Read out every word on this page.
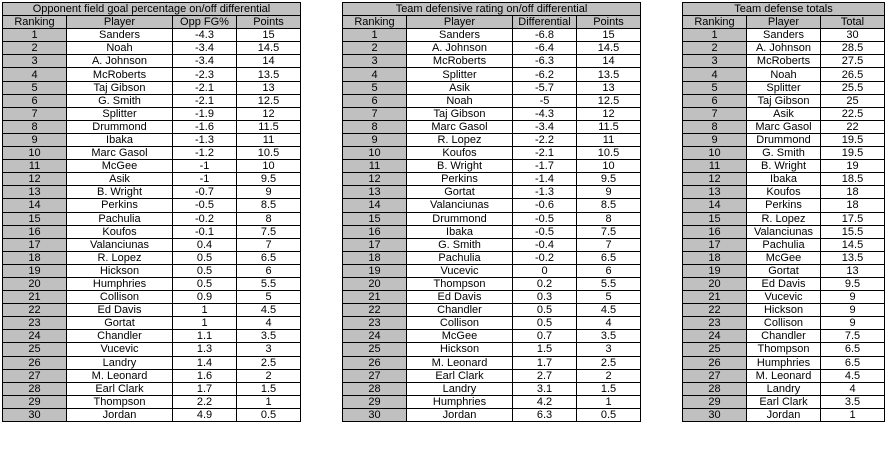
Opponent field goal percentage on/off differential			
Ranking	Player	Opp FG%	Points
1	Sanders	-4.3	15
2	Noah	-3.4	14.5
3	A. Johnson	-3.4	14
4	McRoberts	-2.3	13.5
5	Taj Gibson	-2.1	13
6	G. Smith	-2.1	12.5
7	Splitter	-1.9	12
8	Drummond	-1.6	11.5
9	Ibaka	-1.3	11
10	Marc Gasol	-1.2	10.5
11	McGee	-1	10
12	Asik	-1	9.5
13	B. Wright	-0.7	9
14	Perkins	-0.5	8.5
15	Pachulia	-0.2	8
16	Koufos	-0.1	7.5
17	Valanciunas	0.4	7
18	R. Lopez	0.5	6.5
19	Hickson	0.5	6
20	Humphries	0.5	5.5
21	Collison	0.9	5
22	Ed Davis	1	4.5
23	Gortat	1	4
24	Chandler	1.1	3.5
25	Vucevic	1.3	3
26	Landry	1.4	2.5
27	M. Leonard	1.6	2
28	Earl Clark	1.7	1.5
29	Thompson	2.2	1
30	Jordan	4.9	0.5
Team defensive rating on/off differential			
Ranking	Player	Differential	Points
1	Sanders	-6.8	15
2	A. Johnson	-6.4	14.5
3	McRoberts	-6.3	14
4	Splitter	-6.2	13.5
5	Asik	-5.7	13
6	Noah	-5	12.5
7	Taj Gibson	-4.3	12
8	Marc Gasol	-3.4	11.5
9	R. Lopez	-2.2	11
10	Koufos	-2.1	10.5
11	B. Wright	-1.7	10
12	Perkins	-1.4	9.5
13	Gortat	-1.3	9
14	Valanciunas	-0.6	8.5
15	Drummond	-0.5	8
16	Ibaka	-0.5	7.5
17	G. Smith	-0.4	7
18	Pachulia	-0.2	6.5
19	Vucevic	0	6
20	Thompson	0.2	5.5
21	Ed Davis	0.3	5
22	Chandler	0.5	4.5
23	Collison	0.5	4
24	McGee	0.7	3.5
25	Hickson	1.5	3
26	M. Leonard	1.7	2.5
27	Earl Clark	2.7	2
28	Landry	3.1	1.5
29	Humphries	4.2	1
30	Jordan	6.3	0.5
Team defense totals		
Ranking	Player	Total
1	Sanders	30
2	A. Johnson	28.5
3	McRoberts	27.5
4	Noah	26.5
5	Splitter	25.5
6	Taj Gibson	25
7	Asik	22.5
8	Marc Gasol	22
9	Drummond	19.5
10	G. Smith	19.5
11	B. Wright	19
12	Ibaka	18.5
13	Koufos	18
14	Perkins	18
15	R. Lopez	17.5
16	Valanciunas	15.5
17	Pachulia	14.5
18	McGee	13.5
19	Gortat	13
20	Ed Davis	9.5
21	Vucevic	9
22	Hickson	9
23	Collison	9
24	Chandler	7.5
25	Thompson	6.5
26	Humphries	6.5
27	M. Leonard	4.5
28	Landry	4
29	Earl Clark	3.5
30	Jordan	1
